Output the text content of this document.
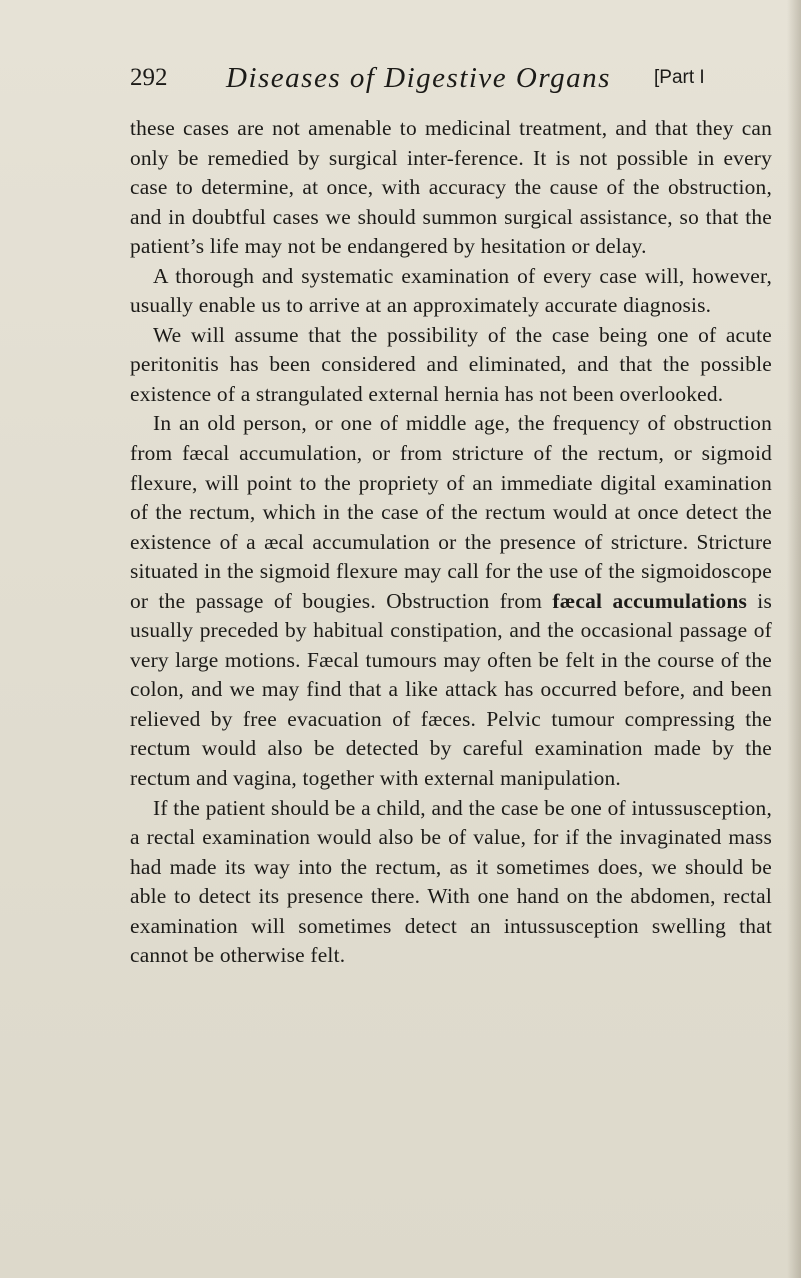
292 Diseases of Digestive Organs [Part I

these cases are not amenable to medicinal treatment, and that they can only be remedied by surgical inter-ference. It is not possible in every case to determine, at once, with accuracy the cause of the obstruction, and in doubtful cases we should summon surgical assistance, so that the patient’s life may not be endangered by hesitation or delay.

A thorough and systematic examination of every case will, however, usually enable us to arrive at an approximately accurate diagnosis.

We will assume that the possibility of the case being one of acute peritonitis has been considered and eliminated, and that the possible existence of a strangulated external hernia has not been overlooked.

In an old person, or one of middle age, the frequency of obstruction from fæcal accumulation, or from stricture of the rectum, or sigmoid flexure, will point to the propriety of an immediate digital examination of the rectum, which in the case of the rectum would at once detect the existence of a æcal accumulation or the presence of stricture. Stricture situated in the sigmoid flexure may call for the use of the sigmoidoscope or the passage of bougies. Obstruction from fæcal accumulations is usually preceded by habitual constipation, and the occasional passage of very large motions. Fæcal tumours may often be felt in the course of the colon, and we may find that a like attack has occurred before, and been relieved by free evacuation of fæces. Pelvic tumour compressing the rectum would also be detected by careful examination made by the rectum and vagina, together with external manipulation.

If the patient should be a child, and the case be one of intussusception, a rectal examination would also be of value, for if the invaginated mass had made its way into the rectum, as it sometimes does, we should be able to detect its presence there. With one hand on the abdomen, rectal examination will sometimes detect an intussusception swelling that cannot be otherwise felt.
